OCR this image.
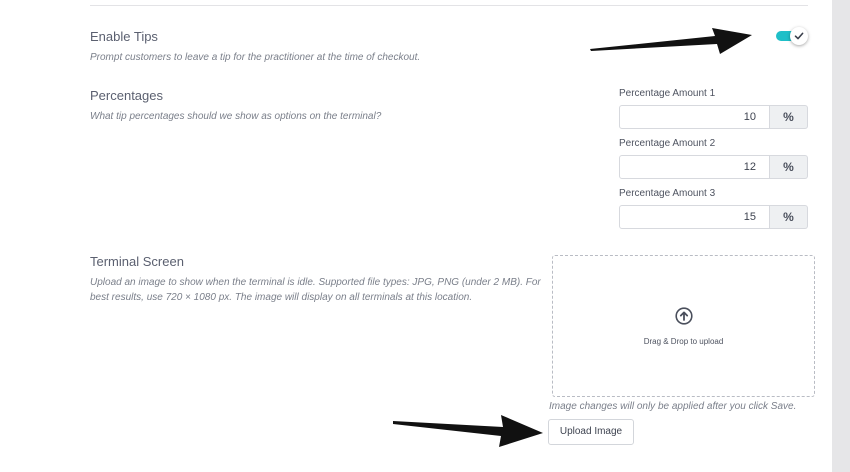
Enable Tips
Prompt customers to leave a tip for the practitioner at the time of checkout.
Percentages
What tip percentages should we show as options on the terminal?
Percentage Amount 1
10	%
Percentage Amount 2
12	%
Percentage Amount 3
15	%
Terminal Screen
Upload an image to show when the terminal is idle. Supported file types: JPG, PNG (under 2 MB). For
best results, use 720 × 1080 px. The image will display on all terminals at this location.
Drag & Drop to upload
Image changes will only be applied after you click Save.
Upload Image
